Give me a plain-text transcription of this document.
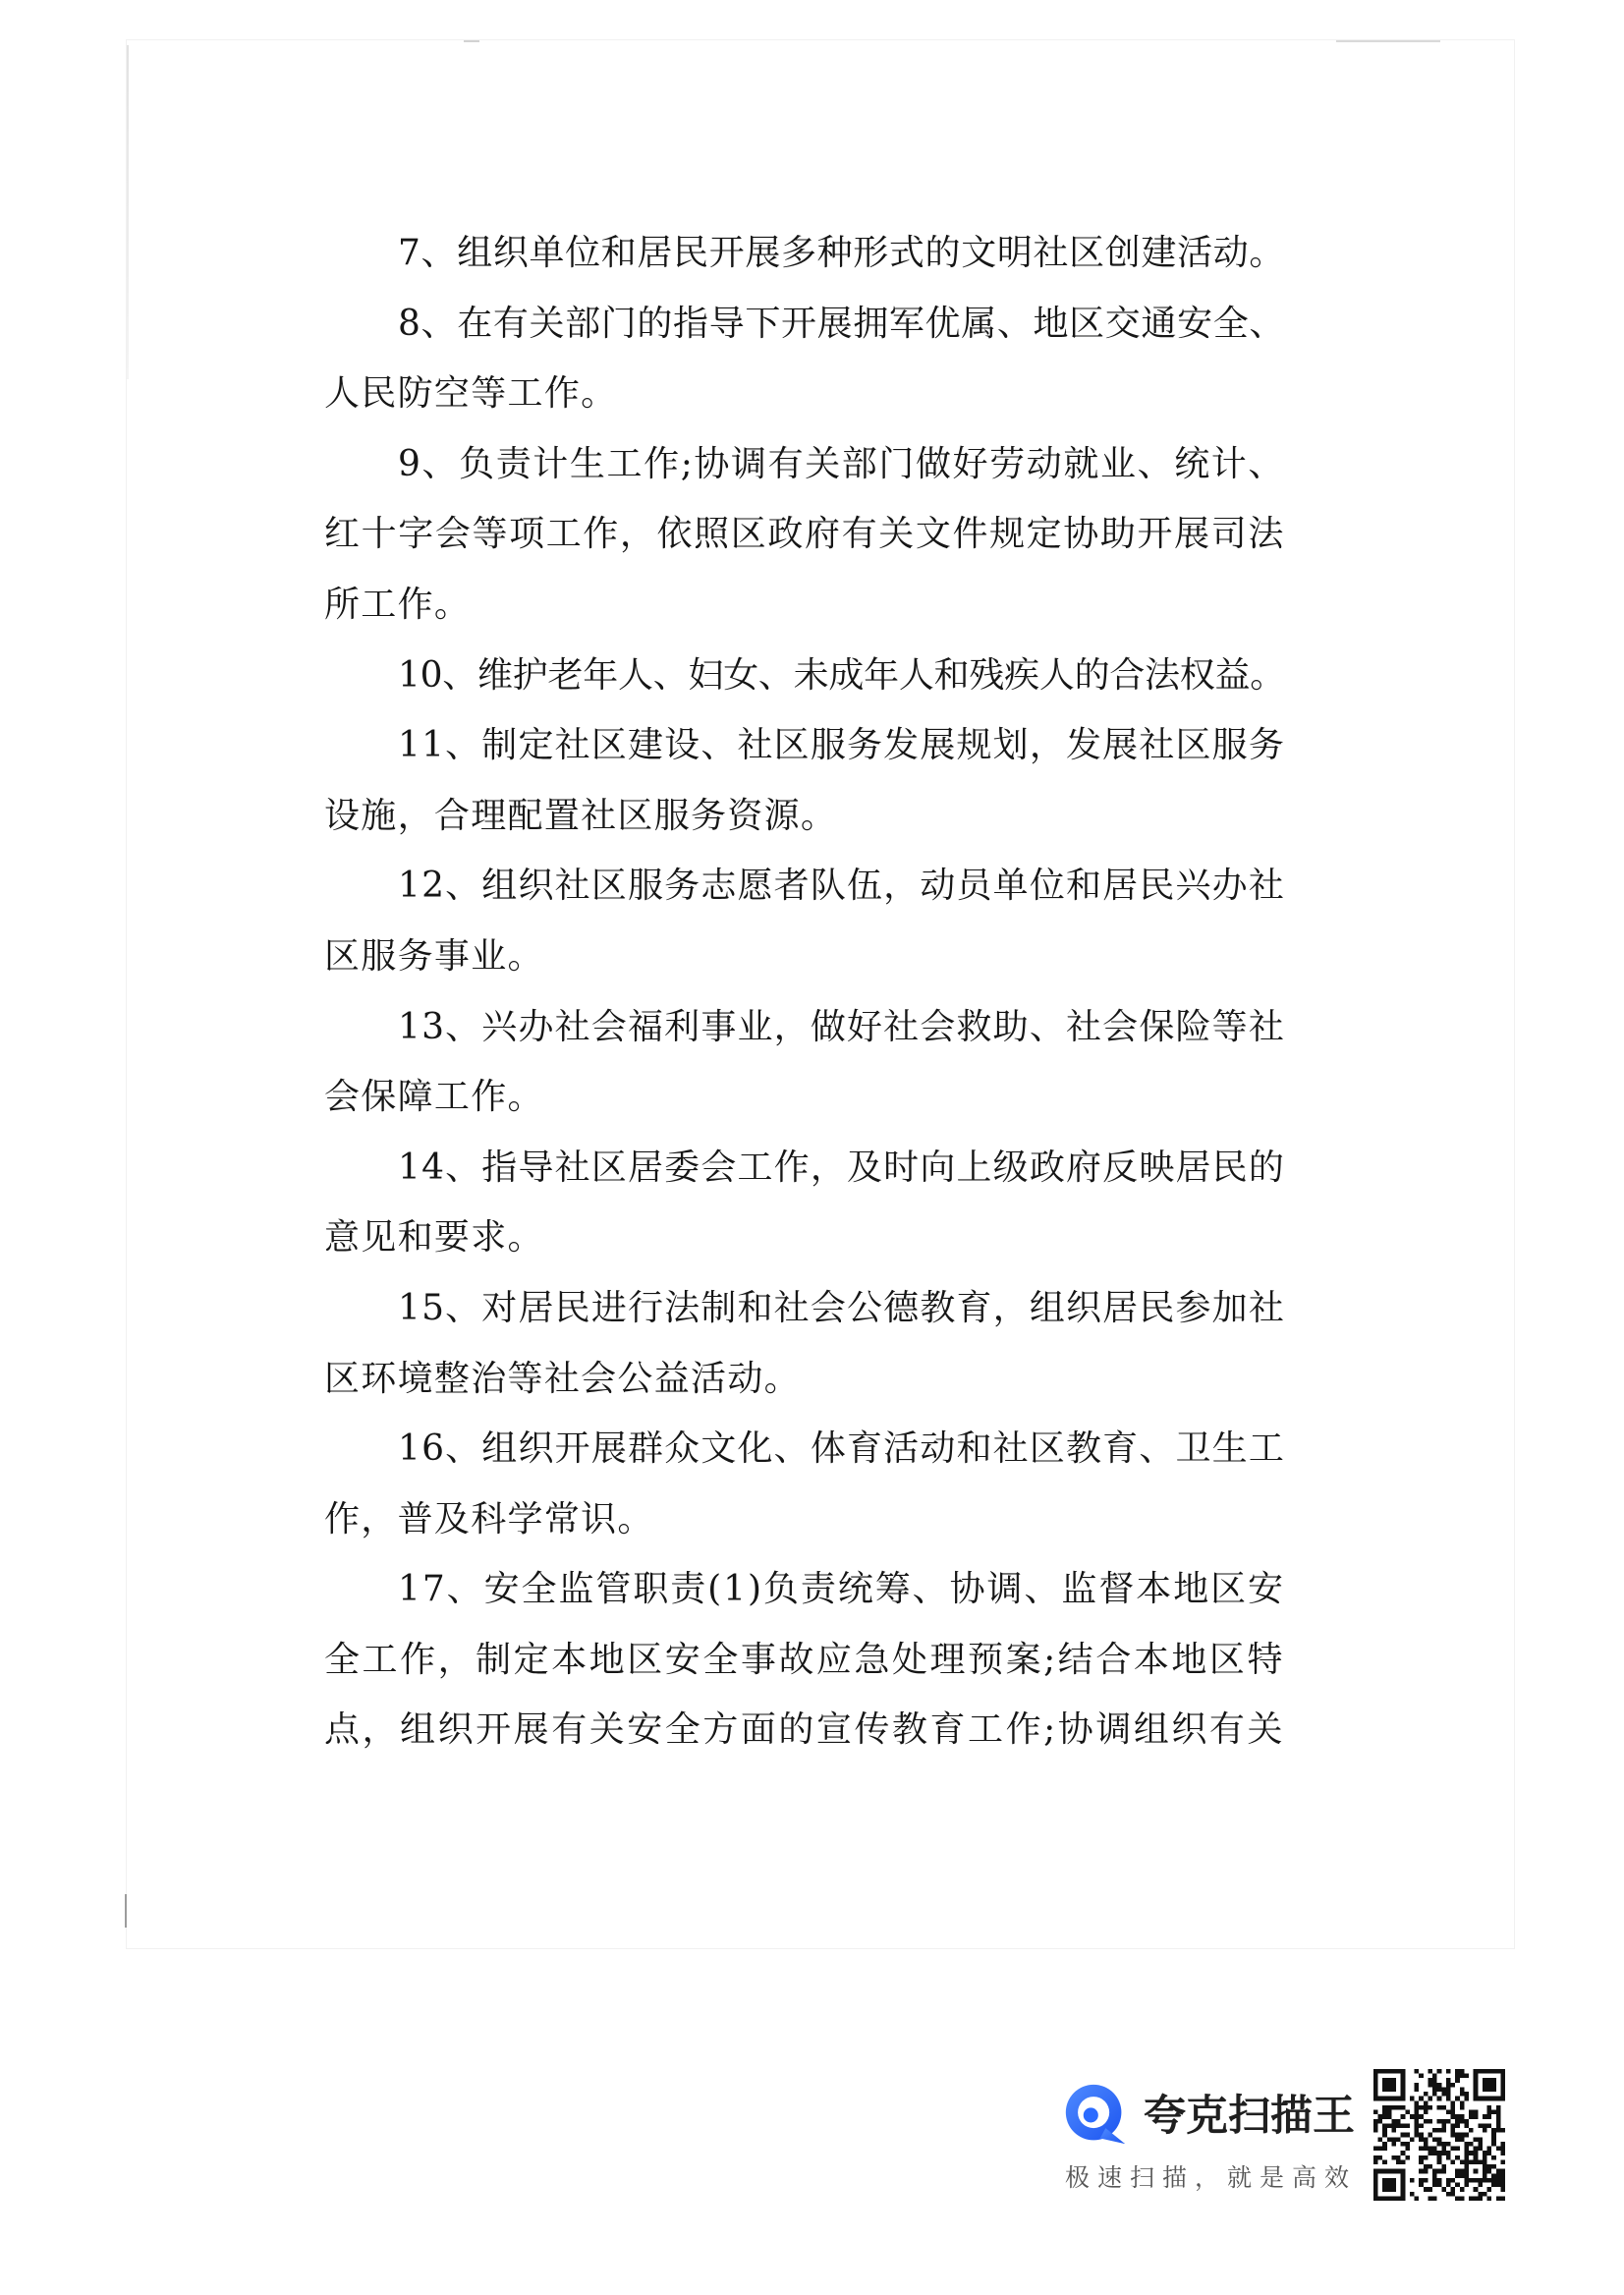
7、组织单位和居民开展多种形式的文明社区创建活动。
8、在有关部门的指导下开展拥军优属、地区交通安全、
人民防空等工作。
9、负责计生工作;协调有关部门做好劳动就业、统计、
红十字会等项工作，依照区政府有关文件规定协助开展司法
所工作。
10、维护老年人、妇女、未成年人和残疾人的合法权益。
11、制定社区建设、社区服务发展规划，发展社区服务
设施，合理配置社区服务资源。
12、组织社区服务志愿者队伍，动员单位和居民兴办社
区服务事业。
13、兴办社会福利事业，做好社会救助、社会保险等社
会保障工作。
14、指导社区居委会工作，及时向上级政府反映居民的
意见和要求。
15、对居民进行法制和社会公德教育，组织居民参加社
区环境整治等社会公益活动。
16、组织开展群众文化、体育活动和社区教育、卫生工
作，普及科学常识。
17、安全监管职责(1)负责统筹、协调、监督本地区安
全工作，制定本地区安全事故应急处理预案;结合本地区特
点，组织开展有关安全方面的宣传教育工作;协调组织有关
夸克扫描王
极速扫描，就是高效
